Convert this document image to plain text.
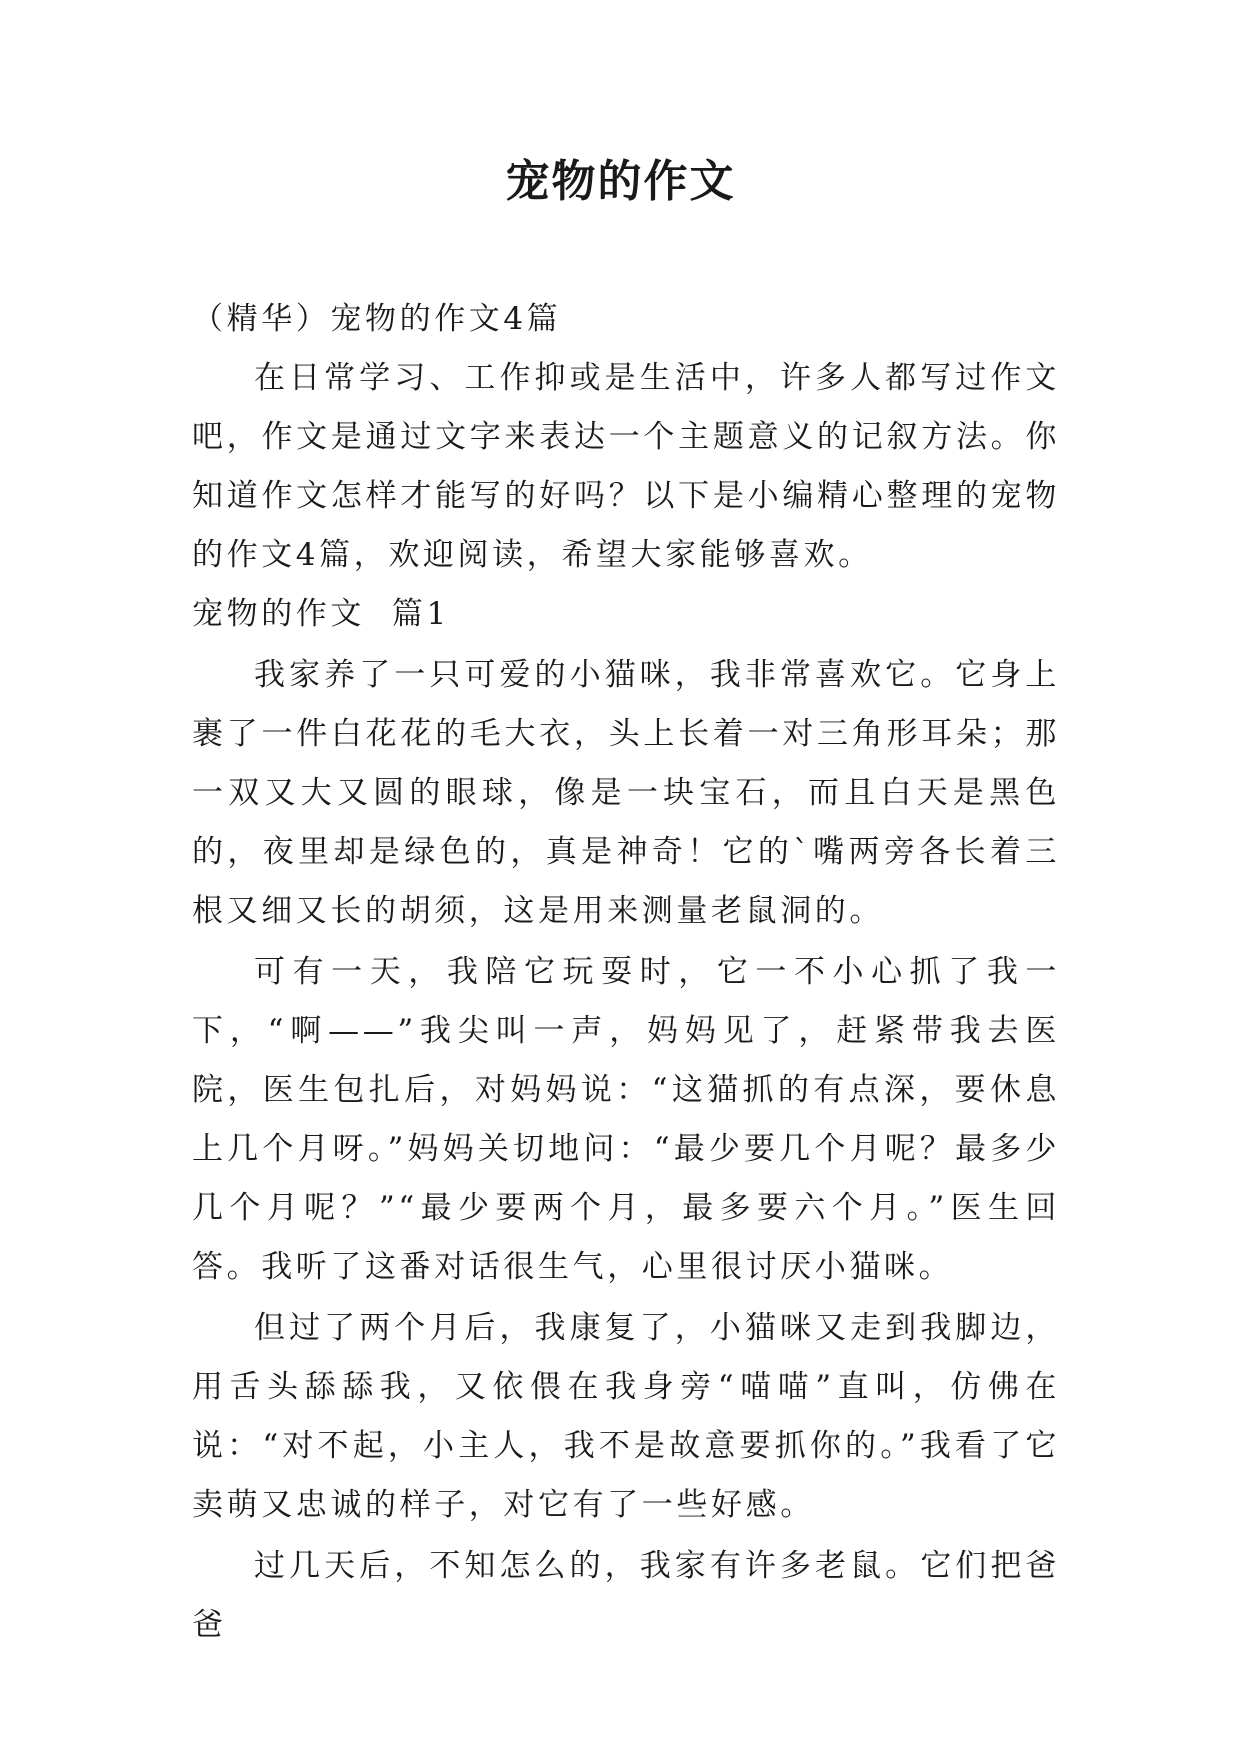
宠物的作文

（精华）宠物的作文4篇

在日常学习、工作抑或是生活中，许多人都写过作文吧，作文是通过文字来表达一个主题意义的记叙方法。你知道作文怎样才能写的好吗？以下是小编精心整理的宠物的作文4篇，欢迎阅读，希望大家能够喜欢。

宠物的作文  篇1

我家养了一只可爱的小猫咪，我非常喜欢它。它身上裹了一件白花花的毛大衣，头上长着一对三角形耳朵；那一双又大又圆的眼球，像是一块宝石，而且白天是黑色的，夜里却是绿色的，真是神奇！它的`嘴两旁各长着三根又细又长的胡须，这是用来测量老鼠洞的。

可有一天，我陪它玩耍时，它一不小心抓了我一下，“啊——”我尖叫一声，妈妈见了，赶紧带我去医院，医生包扎后，对妈妈说：“这猫抓的有点深，要休息上几个月呀。”妈妈关切地问：“最少要几个月呢？最多少几个月呢？”“最少要两个月，最多要六个月。”医生回答。我听了这番对话很生气，心里很讨厌小猫咪。

但过了两个月后，我康复了，小猫咪又走到我脚边，用舌头舔舔我，又依偎在我身旁“喵喵”直叫，仿佛在说：“对不起，小主人，我不是故意要抓你的。”我看了它卖萌又忠诚的样子，对它有了一些好感。

过几天后，不知怎么的，我家有许多老鼠。它们把爸爸
